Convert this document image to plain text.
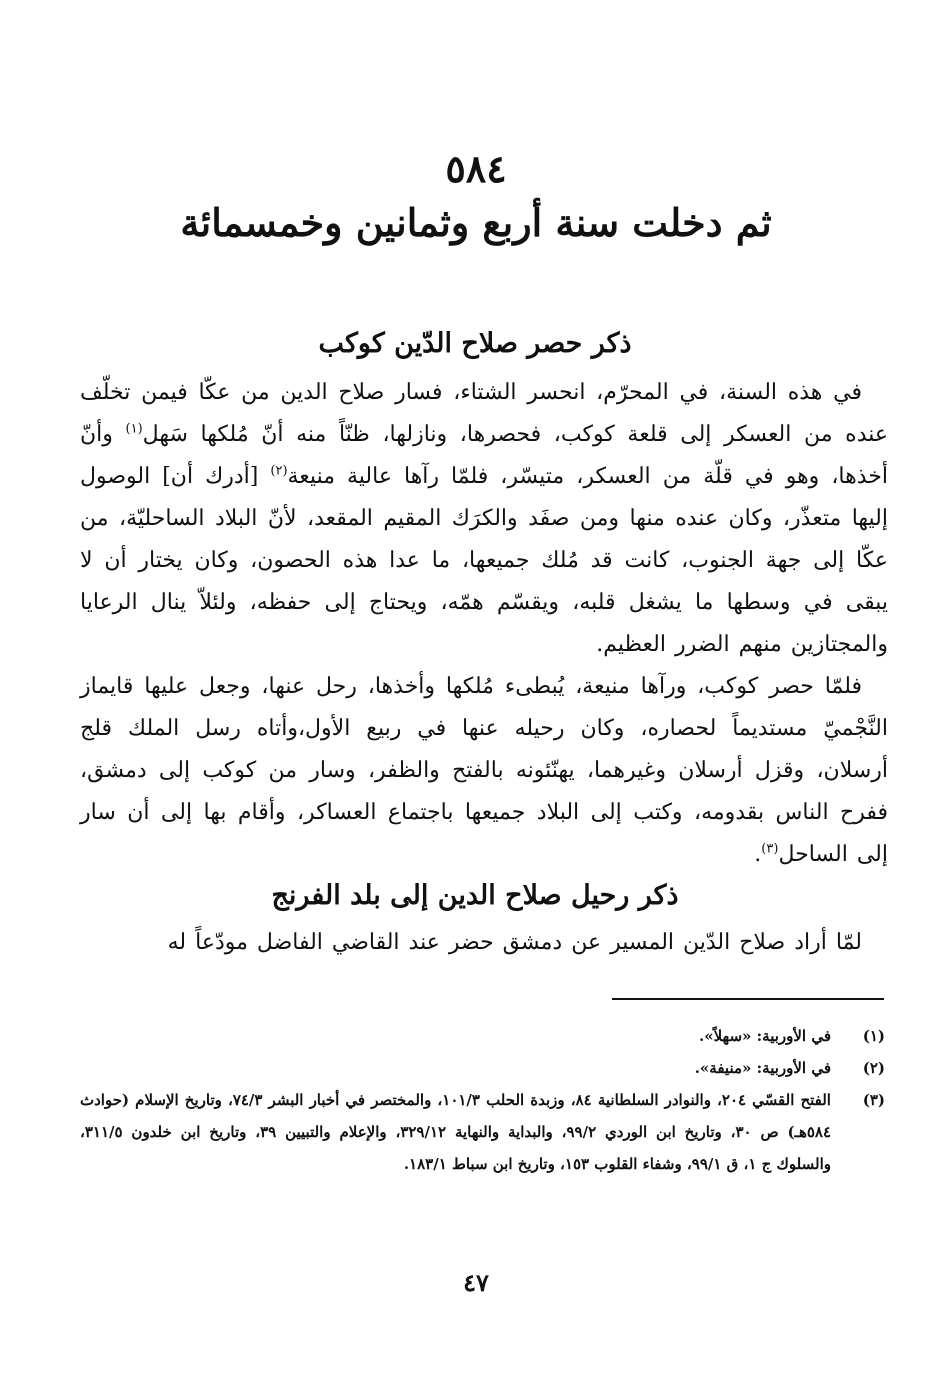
٥٨٤
ثم دخلت سنة أربع وثمانين وخمسمائة
ذكر حصر صلاح الدّين كوكب

في هذه السنة، في المحرّم، انحسر الشتاء، فسار صلاح الدين من عكّا فيمن تخلّف عنده من العسكر إلى قلعة كوكب، فحصرها، ونازلها، ظنّاً منه أنّ مُلكها سَهل$^{(١)}$ وأنّ أخذها، وهو في قلّة من العسكر، متيسّر، فلمّا رآها عالية منيعة$^{(٢)}$ [أدرك أن] الوصول إليها متعذّر، وكان عنده منها ومن صفَد والكرَك المقيم المقعد، لأنّ البلاد الساحليّة، من عكّا إلى جهة الجنوب، كانت قد مُلك جميعها، ما عدا هذه الحصون، وكان يختار أن لا يبقى في وسطها ما يشغل قلبه، ويقسّم همّه، ويحتاج إلى حفظه، ولئلاّ ينال الرعايا والمجتازين منهم الضرر العظيم.

فلمّا حصر كوكب، ورآها منيعة، يُبطىء مُلكها وأخذها، رحل عنها، وجعل عليها قايماز النَّجْميّ مستديماً لحصاره، وكان رحيله عنها في ربيع الأول،وأتاه رسل الملك قلج أرسلان، وقزل أرسلان وغيرهما، يهنّئونه بالفتح والظفر، وسار من كوكب إلى دمشق، ففرح الناس بقدومه، وكتب إلى البلاد جميعها باجتماع العساكر، وأقام بها إلى أن سار إلى الساحل$^{(٣)}$.

ذكر رحيل صلاح الدين إلى بلد الفرنج

لمّا أراد صلاح الدّين المسير عن دمشق حضر عند القاضي الفاضل مودّعاً له

(١)
في الأوربية: «سهلاً».
(٢)
في الأوربية: «منيفة».
(٣)
الفتح القسّي ٢٠٤، والنوادر السلطانية ٨٤، وزبدة الحلب ١٠١/٣، والمختصر في أخبار البشر ٧٤/٣، وتاريخ الإسلام (حوادث ٥٨٤هـ) ص ٣٠، وتاريخ ابن الوردي ٩٩/٢، والبداية والنهاية ٣٢٩/١٢، والإعلام والتبيين ٣٩، وتاريخ ابن خلدون ٣١١/٥، والسلوك ج ١، ق ٩٩/١، وشفاء القلوب ١٥٣، وتاريخ ابن سباط ١٨٣/١.
٤٧
